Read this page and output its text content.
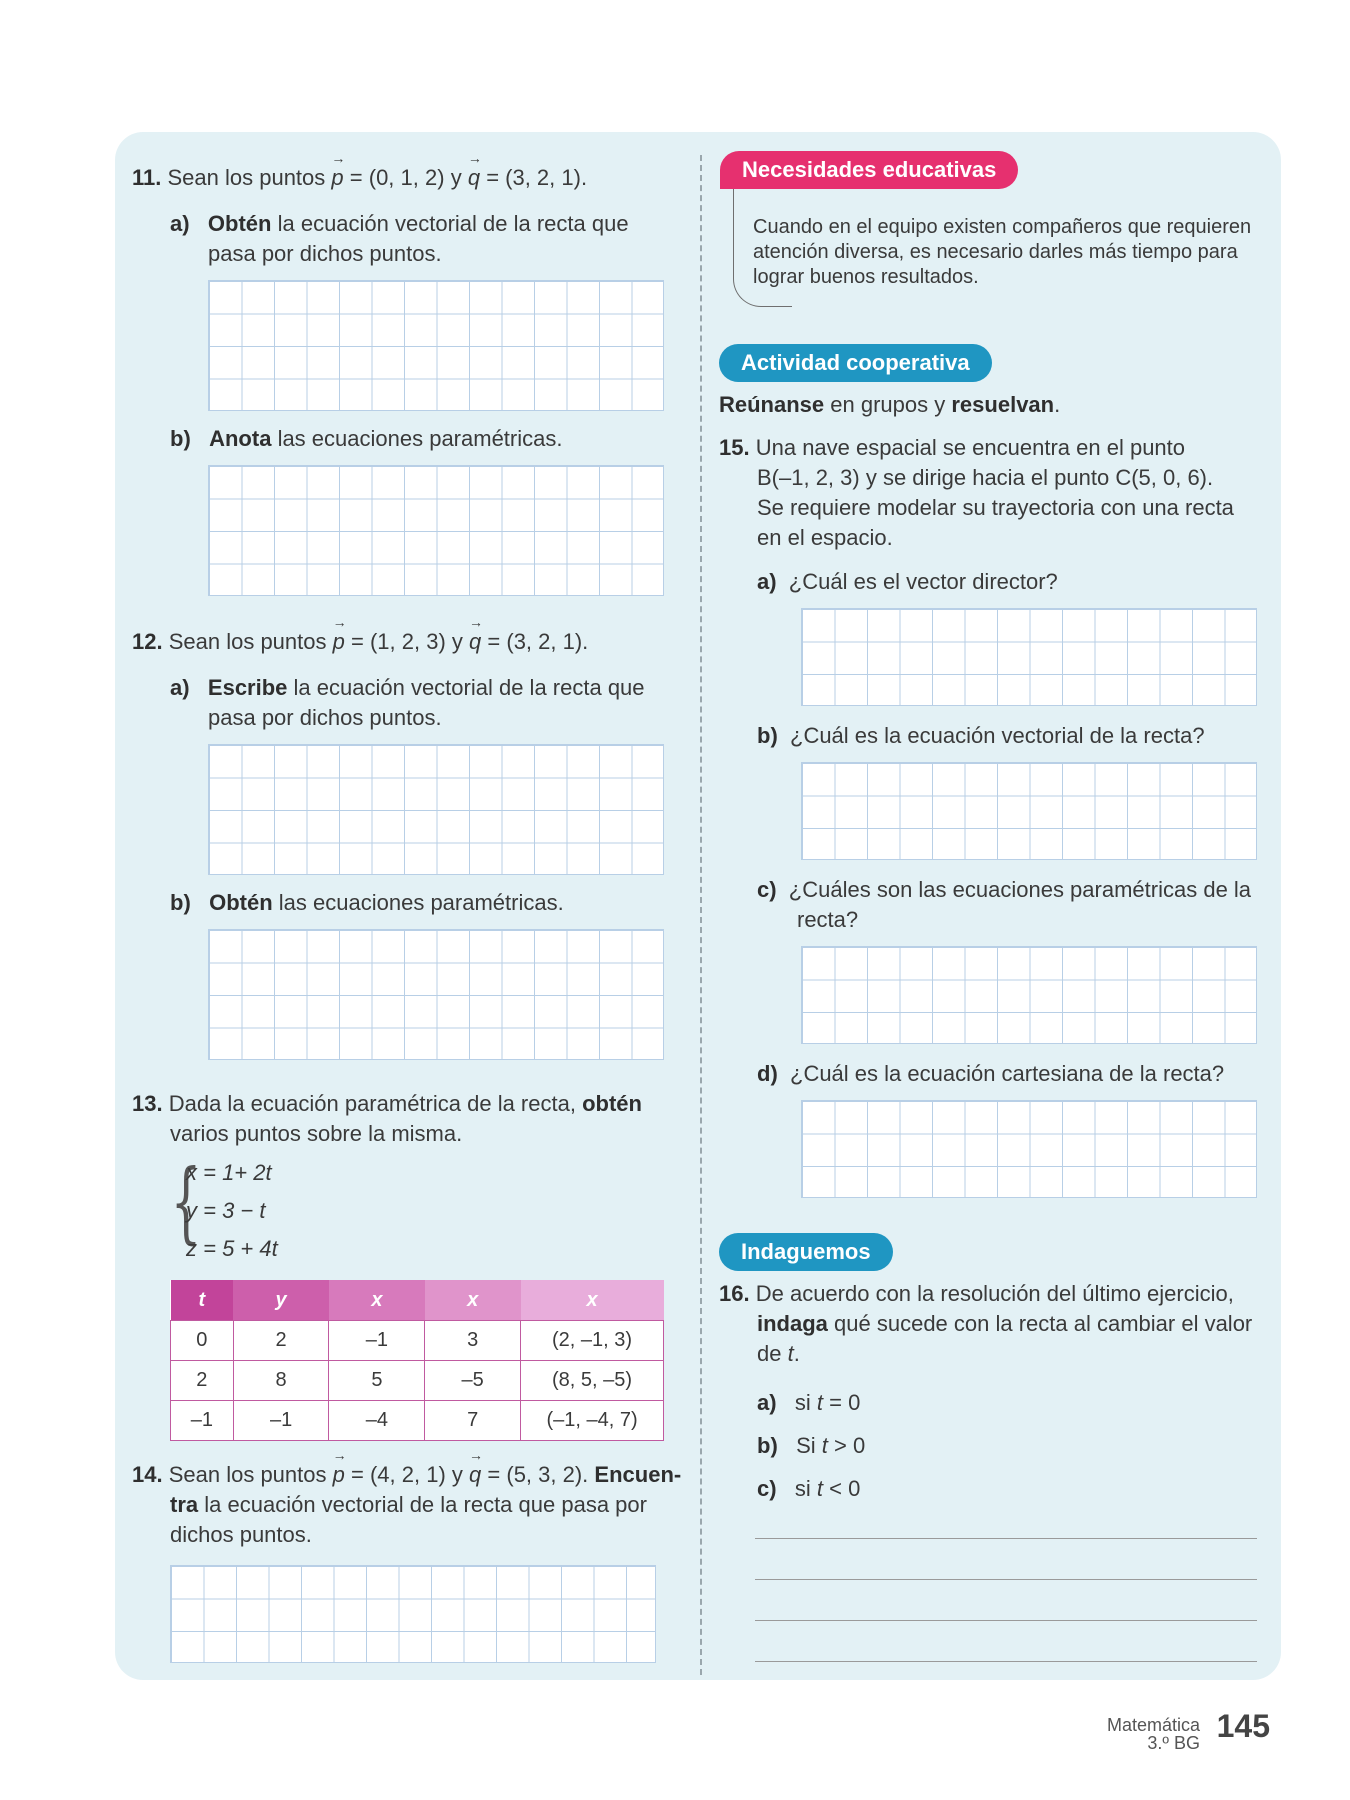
11. Sean los puntos → p = (0, 1, 2) y → q = (3, 2, 1).
a) Obtén la ecuación vectorial de la recta que
pasa por dichos puntos.
b) Anota las ecuaciones paramétricas.
12. Sean los puntos → p = (1, 2, 3) y → q = (3, 2, 1).
a) Escribe la ecuación vectorial de la recta que
pasa por dichos puntos.
b) Obtén las ecuaciones paramétricas.
13. Dada la ecuación paramétrica de la recta, obtén
varios puntos sobre la misma.
{
x = 1+ 2t
y = 3 − t
z = 5 + 4t
t	y	x	x	x
0	2	–1	3	(2, –1, 3)
2	8	5	–5	(8, 5, –5)
–1	–1	–4	7	(–1, –4, 7)
14. Sean los puntos → p = (4, 2, 1) y → q = (5, 3, 2). Encuen-
tra la ecuación vectorial de la recta que pasa por
dichos puntos.
Necesidades educativas
Cuando en el equipo existen compañeros que requieren
atención diversa, es necesario darles más tiempo para
lograr buenos resultados.
Actividad cooperativa
Reúnanse en grupos y resuelvan.
15. Una nave espacial se encuentra en el punto
B(–1, 2, 3) y se dirige hacia el punto C(5, 0, 6).
Se requiere modelar su trayectoria con una recta
en el espacio.
a) ¿Cuál es el vector director?
b) ¿Cuál es la ecuación vectorial de la recta?
c) ¿Cuáles son las ecuaciones paramétricas de la
recta?
d) ¿Cuál es la ecuación cartesiana de la recta?
Indaguemos
16. De acuerdo con la resolución del último ejercicio,
indaga qué sucede con la recta al cambiar el valor
de t.
a) si t = 0
b) Si t > 0
c) si t < 0
Matemática
3.º BG 145
